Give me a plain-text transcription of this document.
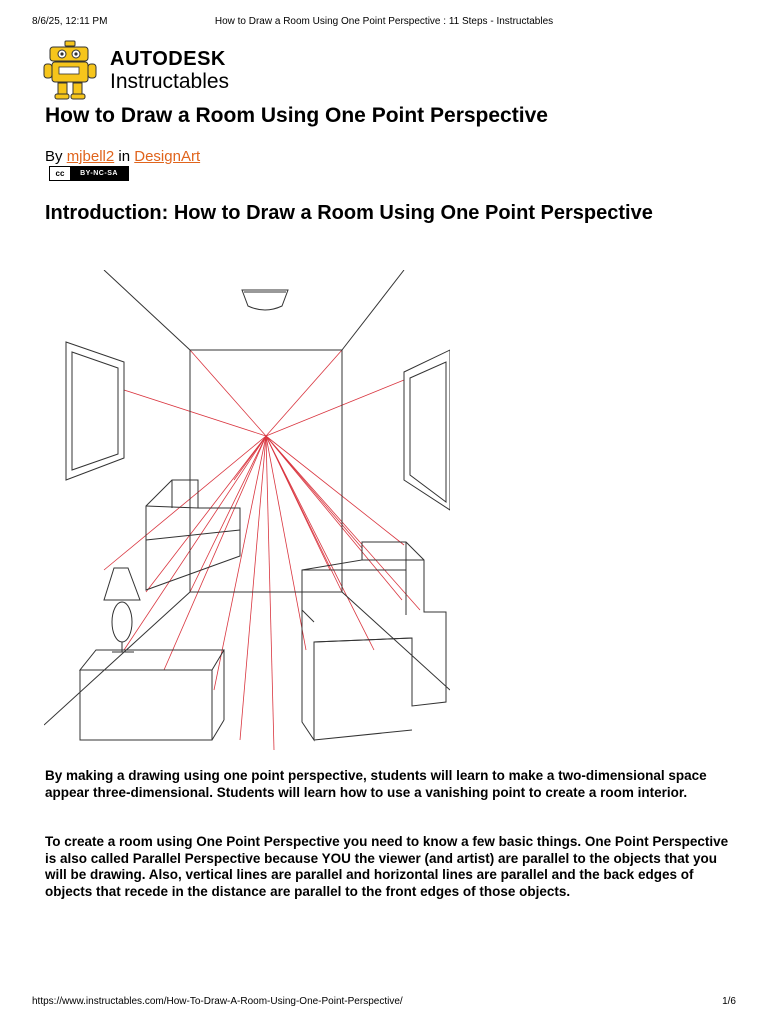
8/6/25, 12:11 PM	How to Draw a Room Using One Point Perspective : 11 Steps - Instructables
AUTODESK
Instructables
How to Draw a Room Using One Point Perspective
By mjbell2 in DesignArt
cc	BY-NC-SA
Introduction: How to Draw a Room Using One Point Perspective

By making a drawing using one point perspective, students will learn to make a two-dimensional space appear three-dimensional. Students will learn how to use a vanishing point to create a room interior.

To create a room using One Point Perspective you need to know a few basic things. One Point Perspective is also called Parallel Perspective because YOU the viewer (and artist) are parallel to the objects that you will be drawing. Also, vertical lines are parallel and horizontal lines are parallel and the back edges of objects that recede in the distance are parallel to the front edges of those objects.

https://www.instructables.com/How-To-Draw-A-Room-Using-One-Point-Perspective/	1/6
